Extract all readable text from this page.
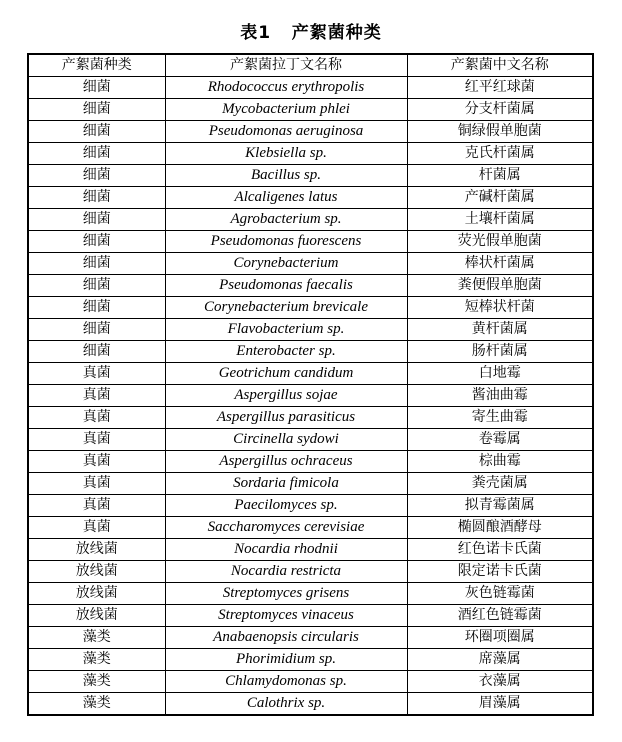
表1   产絮菌种类
产絮菌种类	产絮菌拉丁文名称	产絮菌中文名称
细菌	Rhodococcus erythropolis	红平红球菌
细菌	Mycobacterium phlei	分支杆菌属
细菌	Pseudomonas aeruginosa	铜绿假单胞菌
细菌	Klebsiella sp.	克氏杆菌属
细菌	Bacillus sp.	杆菌属
细菌	Alcaligenes latus	产碱杆菌属
细菌	Agrobacterium sp.	土壤杆菌属
细菌	Pseudomonas fuorescens	荧光假单胞菌
细菌	Corynebacterium	棒状杆菌属
细菌	Pseudomonas faecalis	粪便假单胞菌
细菌	Corynebacterium brevicale	短棒状杆菌
细菌	Flavobacterium sp.	黄杆菌属
细菌	Enterobacter sp.	肠杆菌属
真菌	Geotrichum candidum	白地霉
真菌	Aspergillus sojae	酱油曲霉
真菌	Aspergillus parasiticus	寄生曲霉
真菌	Circinella sydowi	卷霉属
真菌	Aspergillus ochraceus	棕曲霉
真菌	Sordaria fimicola	粪壳菌属
真菌	Paecilomyces sp.	拟青霉菌属
真菌	Saccharomyces cerevisiae	椭圆酿酒酵母
放线菌	Nocardia rhodnii	红色诺卡氏菌
放线菌	Nocardia restricta	限定诺卡氏菌
放线菌	Streptomyces grisens	灰色链霉菌
放线菌	Streptomyces vinaceus	酒红色链霉菌
藻类	Anabaenopsis circularis	环圈项圈属
藻类	Phorimidium sp.	席藻属
藻类	Chlamydomonas sp.	衣藻属
藻类	Calothrix sp.	眉藻属
